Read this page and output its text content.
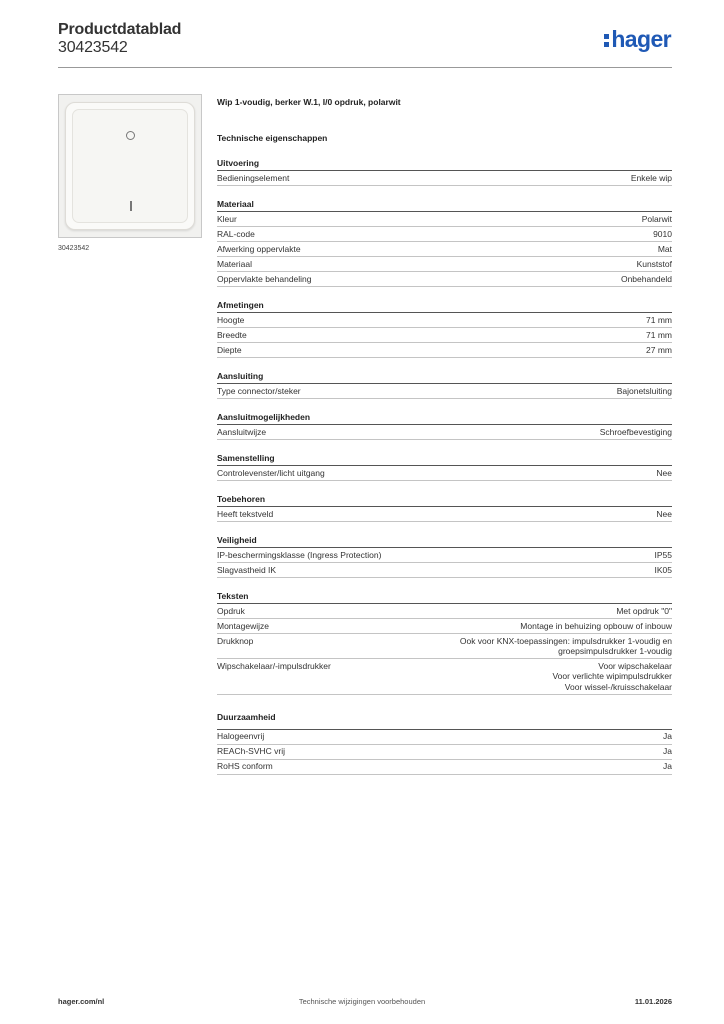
Productdatablad
30423542	hager
30423542
Wip 1-voudig, berker W.1, I/0 opdruk, polarwit
Technische eigenschappen
Uitvoering
Bedieningselement	Enkele wip
Materiaal
Kleur	Polarwit
RAL-code	9010
Afwerking oppervlakte	Mat
Materiaal	Kunststof
Oppervlakte behandeling	Onbehandeld
Afmetingen
Hoogte	71 mm
Breedte	71 mm
Diepte	27 mm
Aansluiting
Type connector/steker	Bajonetsluiting
Aansluitmogelijkheden
Aansluitwijze	Schroefbevestiging
Samenstelling
Controlevenster/licht uitgang	Nee
Toebehoren
Heeft tekstveld	Nee
Veiligheid
IP-beschermingsklasse (Ingress Protection)	IP55
Slagvastheid IK	IK05
Teksten
Opdruk	Met opdruk "0"
Montagewijze	Montage in behuizing opbouw of inbouw
Drukknop	Ook voor KNX-toepassingen: impulsdrukker 1-voudig en
groepsimpulsdrukker 1-voudig
Wipschakelaar/-impulsdrukker	Voor wipschakelaar
Voor verlichte wipimpulsdrukker
Voor wissel-/kruisschakelaar
Duurzaamheid
Halogeenvrij	Ja
REACh-SVHC vrij	Ja
RoHS conform	Ja
hager.com/nl	Technische wijzigingen voorbehouden	11.01.2026
